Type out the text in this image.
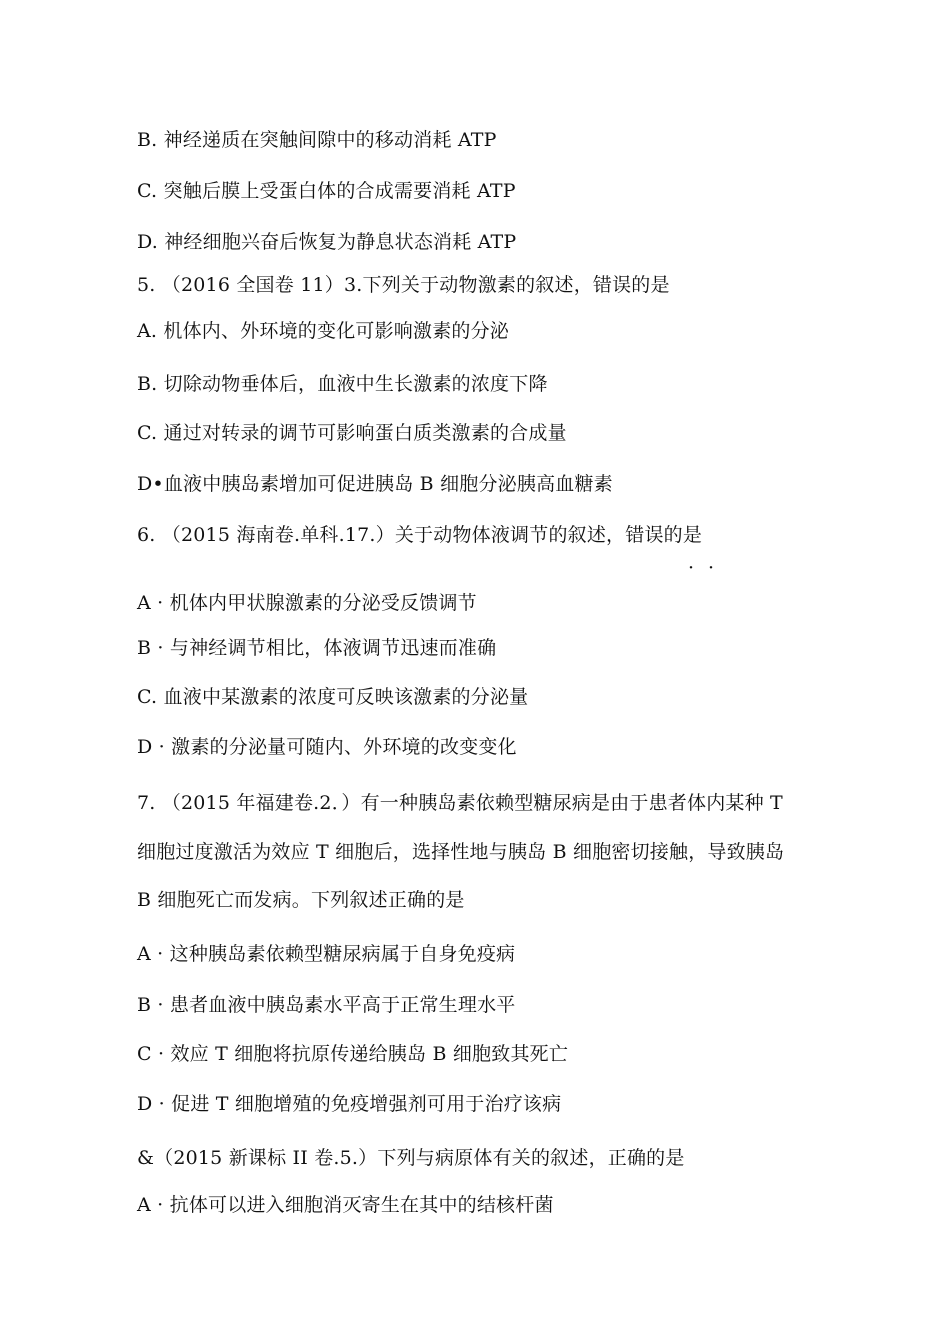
B. 神经递质在突触间隙中的移动消耗 ATP
C. 突触后膜上受蛋白体的合成需要消耗 ATP
D. 神经细胞兴奋后恢复为静息状态消耗 ATP
5. （2016 全国卷 11）3.下列关于动物激素的叙述，错误的是
A. 机体内、外环境的变化可影响激素的分泌
B. 切除动物垂体后，血液中生长激素的浓度下降
C. 通过对转录的调节可影响蛋白质类激素的合成量
D•血液中胰岛素增加可促进胰岛 B 细胞分泌胰高血糖素
6. （2015 海南卷.单科.17.）关于动物体液调节的叙述，错误的是
··
A · 机体内甲状腺激素的分泌受反馈调节
B · 与神经调节相比，体液调节迅速而准确
C. 血液中某激素的浓度可反映该激素的分泌量
D · 激素的分泌量可随内、外环境的改变变化
7. （2015 年福建卷.2．）有一种胰岛素依赖型糖尿病是由于患者体内某种 T
细胞过度激活为效应 T 细胞后，选择性地与胰岛 B 细胞密切接触，导致胰岛
B 细胞死亡而发病。下列叙述正确的是
A · 这种胰岛素依赖型糖尿病属于自身免疫病
B · 患者血液中胰岛素水平高于正常生理水平
C · 效应 T 细胞将抗原传递给胰岛 B 细胞致其死亡
D · 促进 T 细胞增殖的免疫增强剂可用于治疗该病
&（2015 新课标 II 卷.5.）下列与病原体有关的叙述，正确的是
A · 抗体可以进入细胞消灭寄生在其中的结核杆菌
